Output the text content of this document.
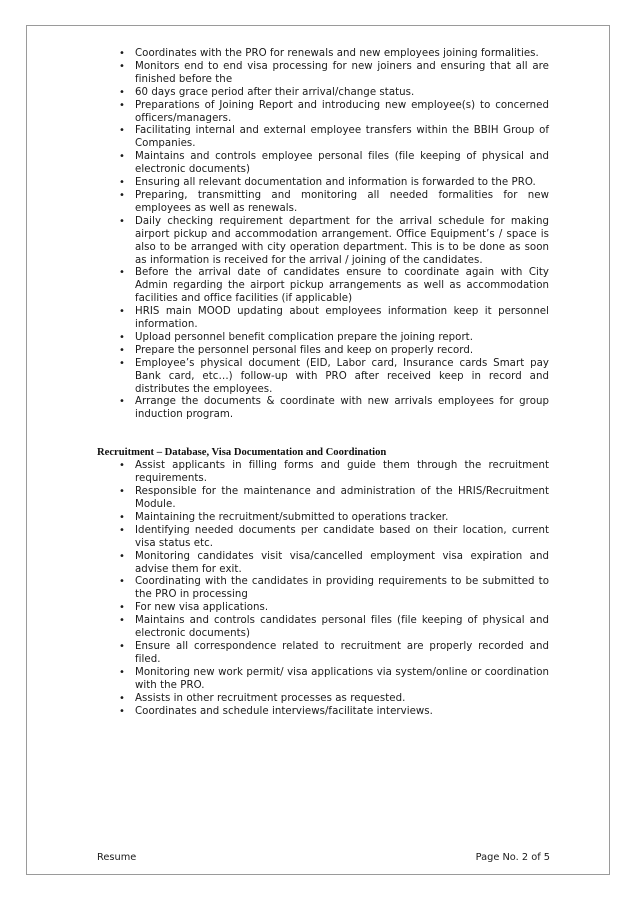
• Coordinates with the PRO for renewals and new employees joining formalities.
• Monitors end to end visa processing for new joiners and ensuring that all are finished before the
• 60 days grace period after their arrival/change status.
• Preparations of Joining Report and introducing new employee(s) to concerned officers/managers.
• Facilitating internal and external employee transfers within the BBIH Group of Companies.
• Maintains and controls employee personal files (file keeping of physical and electronic documents)
• Ensuring all relevant documentation and information is forwarded to the PRO.
• Preparing, transmitting and monitoring all needed formalities for new employees as well as renewals.
• Daily checking requirement department for the arrival schedule for making airport pickup and accommodation arrangement. Office Equipment’s / space is also to be arranged with city operation department. This is to be done as soon as information is received for the arrival / joining of the candidates.
• Before the arrival date of candidates ensure to coordinate again with City Admin regarding the airport pickup arrangements as well as accommodation facilities and office facilities (if applicable)
• HRIS main MOOD updating about employees information keep it personnel information.
• Upload personnel benefit complication prepare the joining report.
• Prepare the personnel personal files and keep on properly record.
• Employee’s physical document (EID, Labor card, Insurance cards Smart pay Bank card, etc…) follow-up with PRO after received keep in record and distributes the employees.
• Arrange the documents & coordinate with new arrivals employees for group induction program.
Recruitment – Database, Visa Documentation and Coordination
• Assist applicants in filling forms and guide them through the recruitment requirements.
• Responsible for the maintenance and administration of the HRIS/Recruitment Module.
• Maintaining the recruitment/submitted to operations tracker.
• Identifying needed documents per candidate based on their location, current visa status etc.
• Monitoring candidates visit visa/cancelled employment visa expiration and advise them for exit.
• Coordinating with the candidates in providing requirements to be submitted to the PRO in processing
• For new visa applications.
• Maintains and controls candidates personal files (file keeping of physical and electronic documents)
• Ensure all correspondence related to recruitment are properly recorded and filed.
• Monitoring new work permit/ visa applications via system/online or coordination with the PRO.
• Assists in other recruitment processes as requested.
• Coordinates and schedule interviews/facilitate interviews.
Resume	Page No. 2 of 5
